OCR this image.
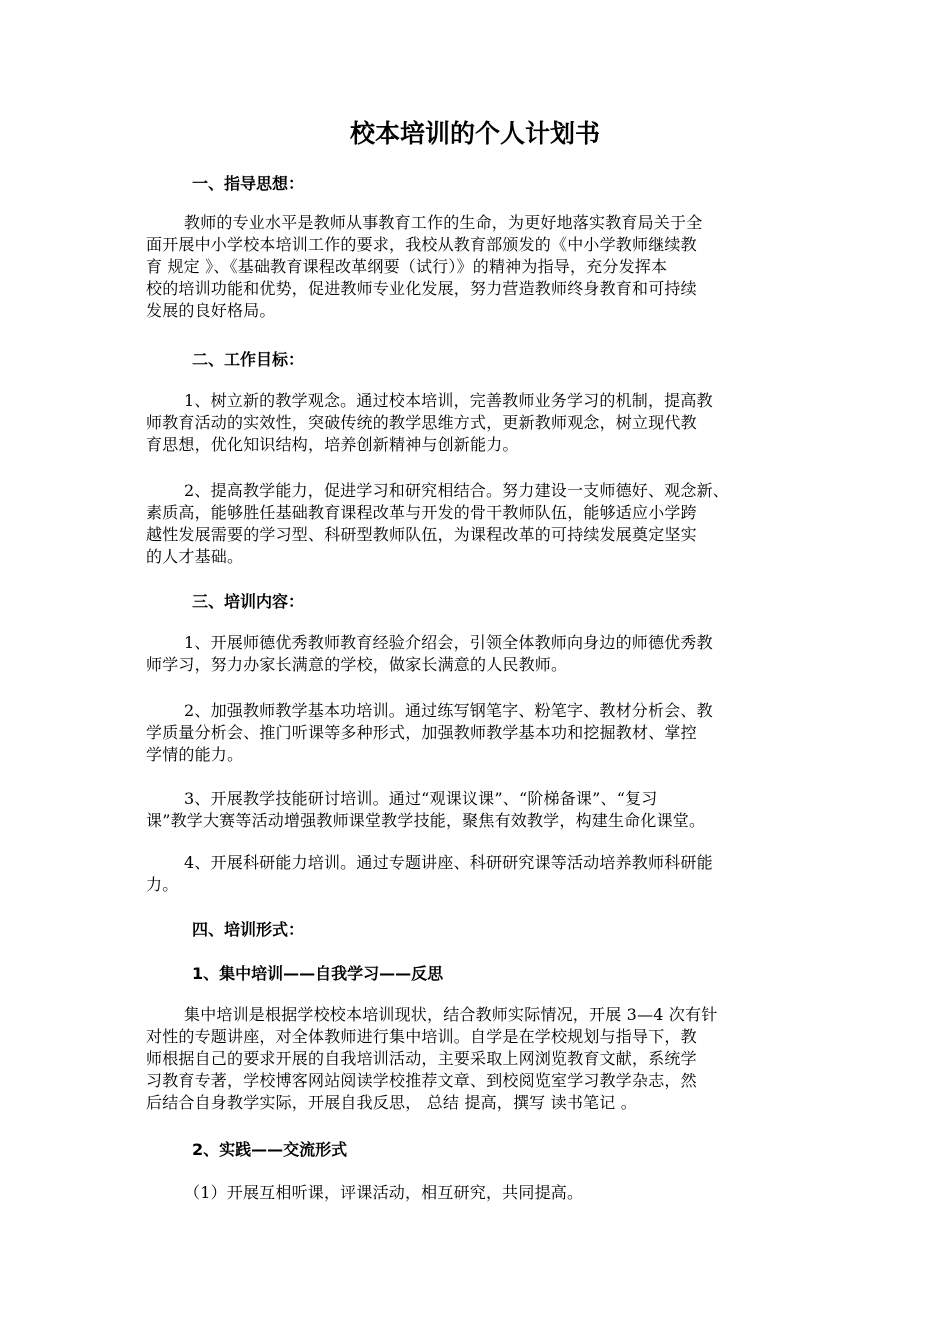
校本培训的个人计划书
一、指导思想：
教师的专业水平是教师从事教育工作的生命，为更好地落实教育局关于全
面开展中小学校本培训工作的要求，我校从教育部颁发的《中小学教师继续教
育 规定 》、《基础教育课程改革纲要（试行）》的精神为指导，充分发挥本
校的培训功能和优势，促进教师专业化发展，努力营造教师终身教育和可持续
发展的良好格局。
二、工作目标：
1、树立新的教学观念。通过校本培训，完善教师业务学习的机制，提高教
师教育活动的实效性，突破传统的教学思维方式，更新教师观念，树立现代教
育思想，优化知识结构，培养创新精神与创新能力。
2、提高教学能力，促进学习和研究相结合。努力建设一支师德好、观念新、
素质高，能够胜任基础教育课程改革与开发的骨干教师队伍，能够适应小学跨
越性发展需要的学习型、科研型教师队伍，为课程改革的可持续发展奠定坚实
的人才基础。
三、培训内容：
1、开展师德优秀教师教育经验介绍会，引领全体教师向身边的师德优秀教
师学习，努力办家长满意的学校，做家长满意的人民教师。
2、加强教师教学基本功培训。通过练写钢笔字、粉笔字、教材分析会、教
学质量分析会、推门听课等多种形式，加强教师教学基本功和挖掘教材、掌控
学情的能力。
3、开展教学技能研讨培训。通过“观课议课”、“阶梯备课”、“复习
课”教学大赛等活动增强教师课堂教学技能，聚焦有效教学，构建生命化课堂。
4、开展科研能力培训。通过专题讲座、科研研究课等活动培养教师科研能
力。
四、培训形式：
1、集中培训——自我学习——反思
集中培训是根据学校校本培训现状，结合教师实际情况，开展 3—4 次有针
对性的专题讲座，对全体教师进行集中培训。自学是在学校规划与指导下，教
师根据自己的要求开展的自我培训活动，主要采取上网浏览教育文献，系统学
习教育专著，学校博客网站阅读学校推荐文章、到校阅览室学习教学杂志，然
后结合自身教学实际，开展自我反思， 总结 提高，撰写 读书笔记 。
2、实践——交流形式
（1）开展互相听课，评课活动，相互研究，共同提高。
